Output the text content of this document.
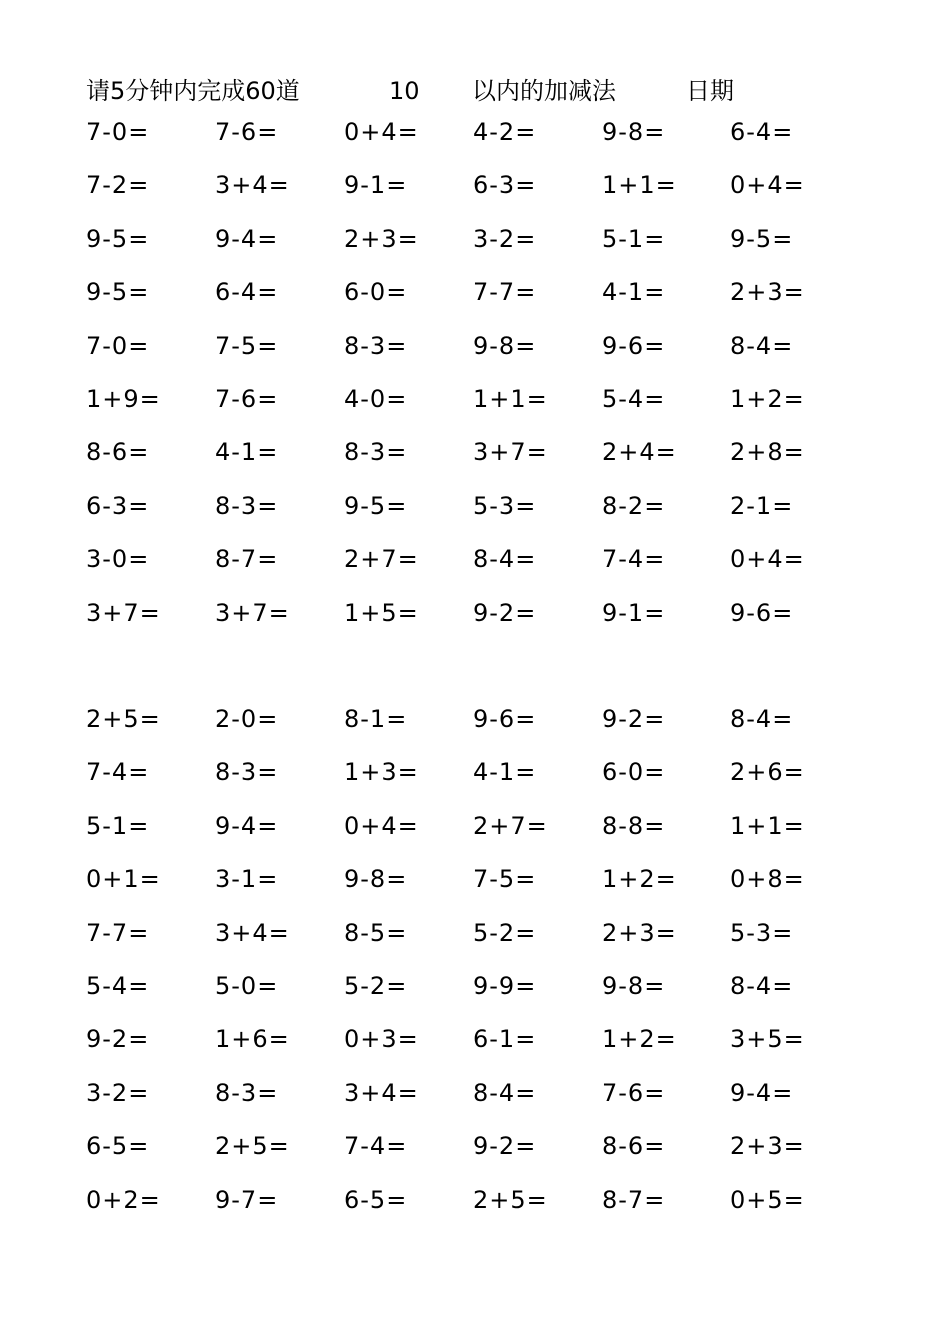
请5分钟内完成60道	10 以内的加减法	日期
7-0=	7-6=	0+4= 4-2=	9-8=	6-4=
7-2=	3+4= 9-1=	6-3=	1+1= 0+4=
9-5=	9-4=	2+3= 3-2=	5-1=	9-5=
9-5=	6-4=	6-0=	7-7=	4-1=	2+3=
7-0=	7-5=	8-3=	9-8=	9-6=	8-4=
1+9= 7-6=	4-0=	1+1= 5-4=	1+2=
8-6=	4-1=	8-3=	3+7= 2+4= 2+8=
6-3=	8-3=	9-5=	5-3=	8-2=	2-1=
3-0=	8-7=	2+7= 8-4=	7-4=	0+4=
3+7= 3+7= 1+5= 9-2=	9-1=	9-6=
2+5= 2-0=	8-1=	9-6=	9-2=	8-4=
7-4=	8-3=	1+3= 4-1=	6-0=	2+6=
5-1=	9-4=	0+4= 2+7= 8-8=	1+1=
0+1= 3-1=	9-8=	7-5=	1+2= 0+8=
7-7=	3+4= 8-5=	5-2=	2+3= 5-3=
5-4=	5-0=	5-2=	9-9=	9-8=	8-4=
9-2=	1+6= 0+3= 6-1=	1+2= 3+5=
3-2=	8-3=	3+4= 8-4=	7-6=	9-4=
6-5=	2+5= 7-4=	9-2=	8-6=	2+3=
0+2= 9-7=	6-5=	2+5= 8-7=	0+5=
